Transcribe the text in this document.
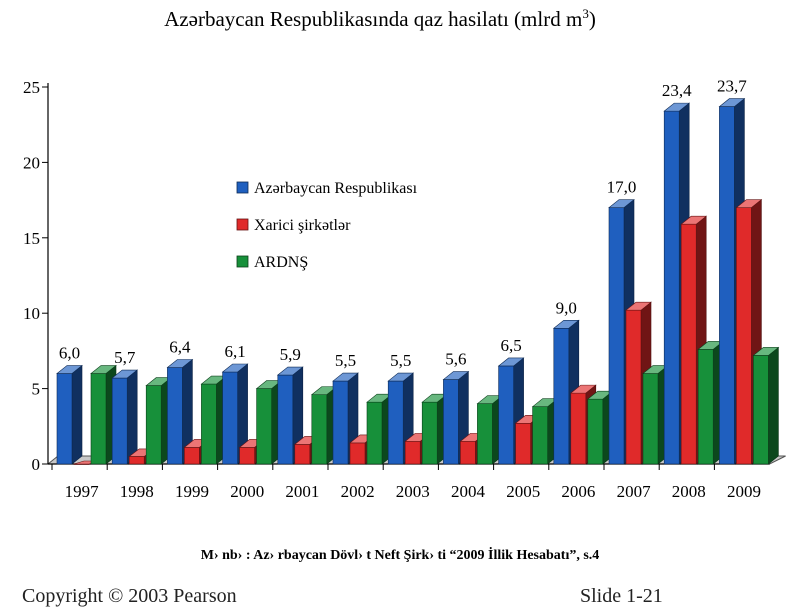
Azərbaycan Respublikasında qaz hasilatı (mlrd $m^3$)
0
5
10
15
20
25
1997 1998 1999 2000 2001 2002 2003 2004 2005 2006 2007 2008 2009
6,0 5,7
6,4 6,1 5,9 5,5 5,5 5,6
6,5
9,0
17,0
23,4 23,7
Azərbaycan Respublikası
Xarici şirkətlər
ARDNŞ
M› nb› : Az› rbaycan Dövl› t Neft Şirk› ti “2009 İllik Hesabatı”, s.4
Copyright © 2003 Pearson	Slide 1-21
